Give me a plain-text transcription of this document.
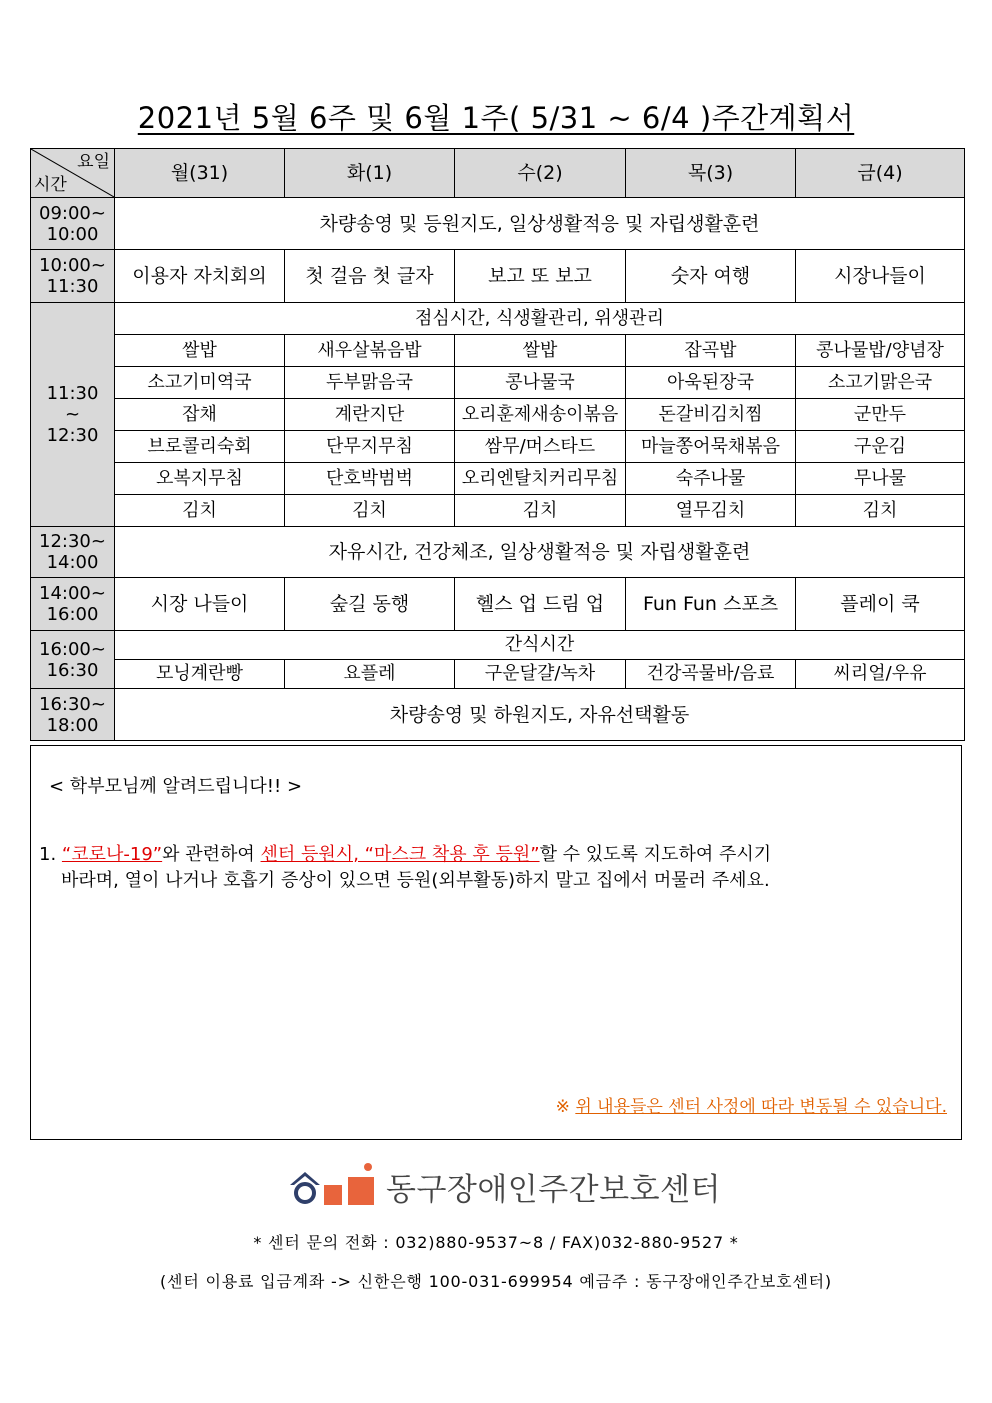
2021년 5월 6주 및 6월 1주( 5/31 ~ 6/4 )주간계획서
요일
시간	월(31)	화(1)	수(2)	목(3)	금(4)
09:00~
10:00	차량송영 및 등원지도, 일상생활적응 및 자립생활훈련				
10:00~
11:30	이용자 자치회의	첫 걸음 첫 글자	보고 또 보고	숫자 여행	시장나들이
11:30
~
12:30	점심시간, 식생활관리, 위생관리				
	쌀밥	새우살볶음밥	쌀밥	잡곡밥	콩나물밥/양념장
	소고기미역국	두부맑음국	콩나물국	아욱된장국	소고기맑은국
	잡채	계란지단	오리훈제새송이볶음	돈갈비김치찜	군만두
	브로콜리숙회	단무지무침	쌈무/머스타드	마늘쫑어묵채볶음	구운김
	오복지무침	단호박범벅	오리엔탈치커리무침	숙주나물	무나물
	김치	김치	김치	열무김치	김치
12:30~
14:00	자유시간, 건강체조, 일상생활적응 및 자립생활훈련				
14:00~
16:00	시장 나들이	숲길 동행	헬스 업 드림 업	Fun Fun 스포츠	플레이 쿡
16:00~
16:30	간식시간				
	모닝계란빵	요플레	구운달걀/녹차	건강곡물바/음료	씨리얼/우유
16:30~
18:00	차량송영 및 하원지도, 자유선택활동				
< 학부모님께 알려드립니다!! >
1. “코로나-19”와 관련하여 센터 등원시, “마스크 착용 후 등원”할 수 있도록 지도하여 주시기
바라며, 열이 나거나 호흡기 증상이 있으면 등원(외부활동)하지 말고 집에서 머물러 주세요.
※ 위 내용들은 센터 사정에 따라 변동될 수 있습니다.
동구장애인주간보호센터
* 센터 문의 전화 : 032)880-9537~8 / FAX)032-880-9527 *
(센터 이용료 입금계좌 -> 신한은행 100-031-699954 예금주 : 동구장애인주간보호센터)
